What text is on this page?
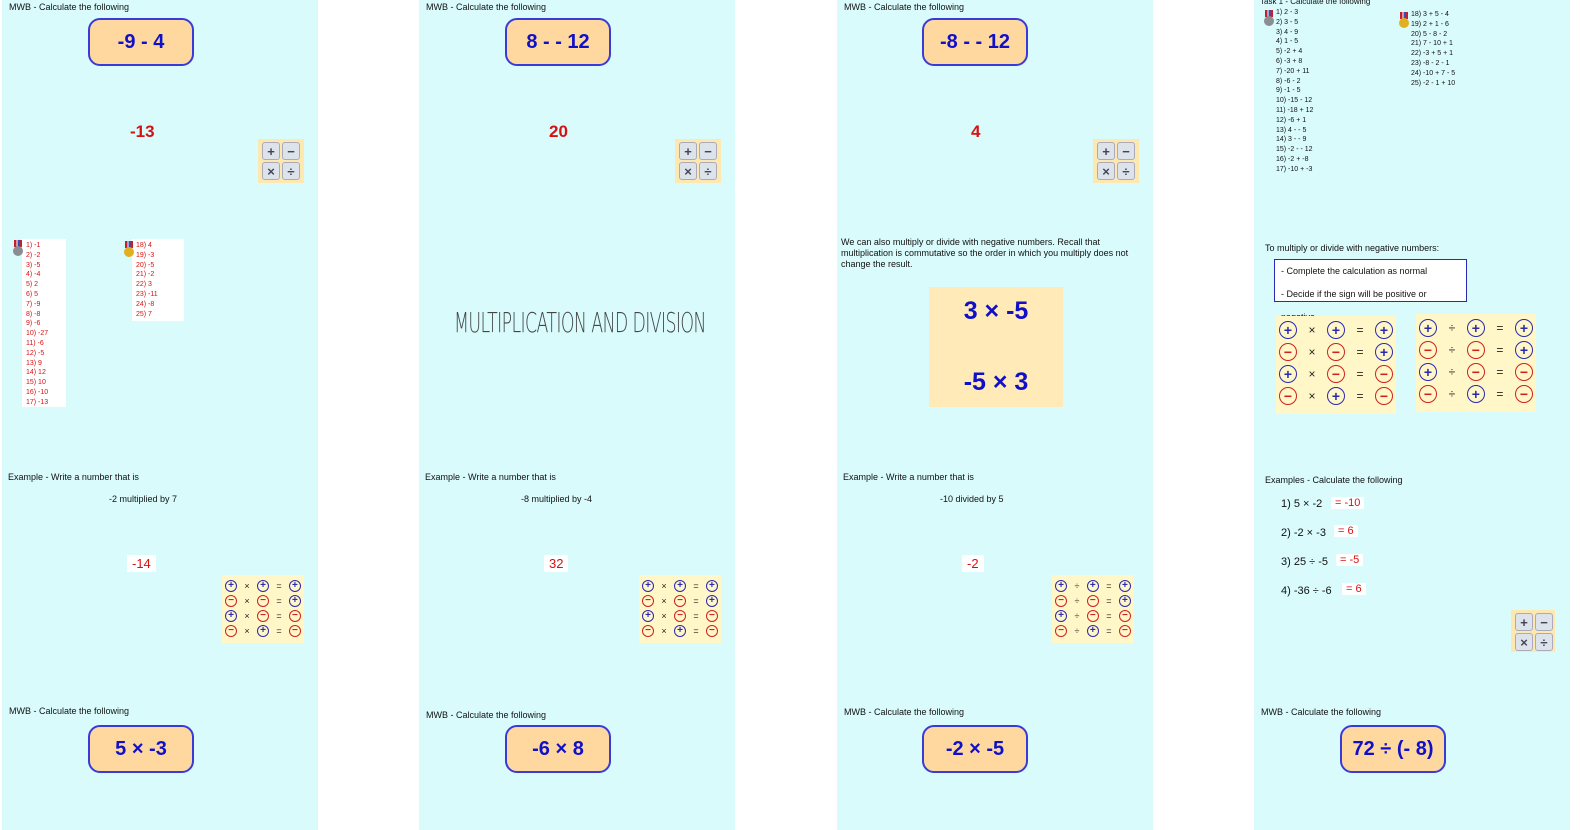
MWB - Calculate the following
-9 - 4
-13
+ −
× ÷
1) -1
2) -2
3) -5
4) -4
5) 2
6) 5
7) -9
8) -8
9) -6
10) -27
11) -6
12) -5
13) 9
14) 12
15) 10
16) -10
17) -13
18) 4
19) -3
20) -5
21) -2
22) 3
23) -11
24) -8
25) 7
Example - Write a number that is
-2 multiplied by 7
-14
+	×	+	=	+
−	×	−	=	+
+	×	−	=	−
−	×	+	=	−
MWB - Calculate the following
5 × -3
MWB - Calculate the following
8 - - 12
20
+ −
× ÷
MULTIPLICATION AND DIVISION
Example - Write a number that is
-8 multiplied by -4
32
+	×	+	=	+
−	×	−	=	+
+	×	−	=	−
−	×	+	=	−
MWB - Calculate the following
-6 × 8
MWB - Calculate the following
-8 - - 12
4
+ −
× ÷
We can also multiply or divide with negative numbers. Recall that multiplication is commutative so the order in which you multiply does not change the result.
3 × -5
-5 × 3
Example - Write a number that is
-10 divided by 5
-2
+	÷	+	=	+
−	÷	−	=	+
+	÷	−	=	−
−	÷	+	=	−
MWB - Calculate the following
-2 × -5
Task 1 - Calculate the following
1) 2 - 3
2) 3 - 5
3) 4 - 9
4) 1 - 5
5) -2 + 4
6) -3 + 8
7) -20 + 11
8) -6 - 2
9) -1 - 5
10) -15 - 12
11) -18 + 12
12) -6 + 1
13) 4 - - 5
14) 3 - - 9
15) -2 - - 12
16) -2 + -8
17) -10 + -3
18) 3 + 5 - 4
19) 2 + 1 - 6
20) 5 - 8 - 2
21) 7 - 10 + 1
22) -3 + 5 + 1
23) -8 - 2 - 1
24) -10 + 7 - 5
25) -2 - 1 + 10
To multiply or divide with negative numbers:
- Complete the calculation as normal
- Decide if the sign will be positive or
+	×	+	=	+
−	×	−	=	+
+	×	−	=	−
−	×	+	=	−
+	÷	+	=	+
−	÷	−	=	+
+	÷	−	=	−
−	÷	+	=	−
Examples - Calculate the following
1) 5 × -2	= -10
2) -2 × -3	= 6
3) 25 ÷ -5	= -5
4) -36 ÷ -6	= 6
+ −
× ÷
MWB - Calculate the following
72 ÷ (- 8)
